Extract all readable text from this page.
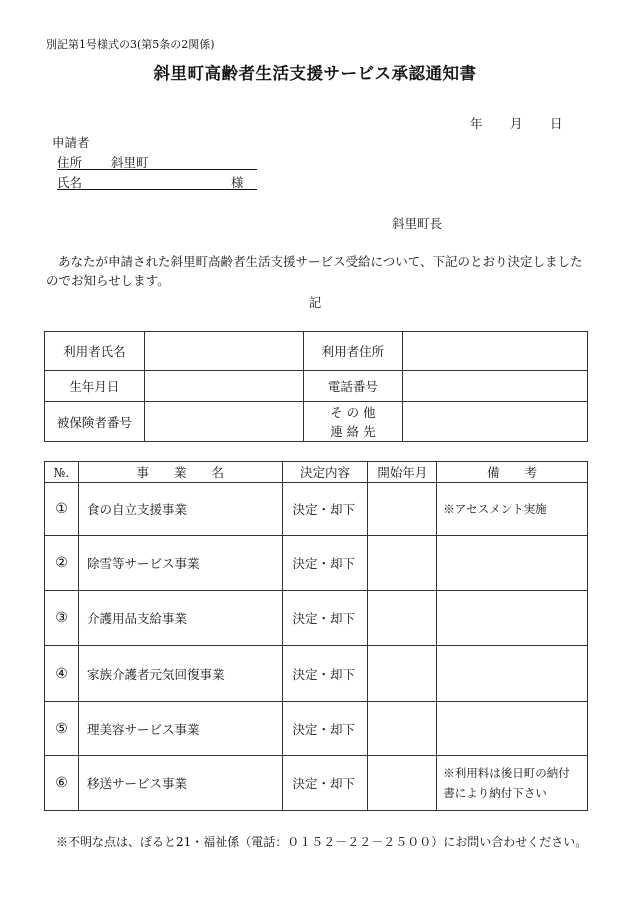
別記第1号様式の3(第5条の2関係)
斜里町高齢者生活支援サービス承認通知書
年 月 日
申請者
住所 斜里町
氏名	様
斜里町長
あなたが申請された斜里町高齢者生活支援サービス受給について、下記のとおり決定しましたのでお知らせします。
記
利用者氏名		利用者住所	
生年月日		電話番号	
被保険者番号		そ の 他
連 絡 先	

№.	事　　業　　名	決定内容	開始年月	備　　考
①	食の自立支援事業	決定・却下		※アセスメント実施

②	除雪等サービス事業	決定・却下		
③	介護用品支給事業	決定・却下		
④	家族介護者元気回復事業	決定・却下		
⑤	理美容サービス事業	決定・却下		
⑥	移送サービス事業	決定・却下		※利用料は後日町の納付
書により納付下さい
※不明な点は、ぽると21・福祉係（電話：０１５２－２２－２５００）にお問い合わせください。
